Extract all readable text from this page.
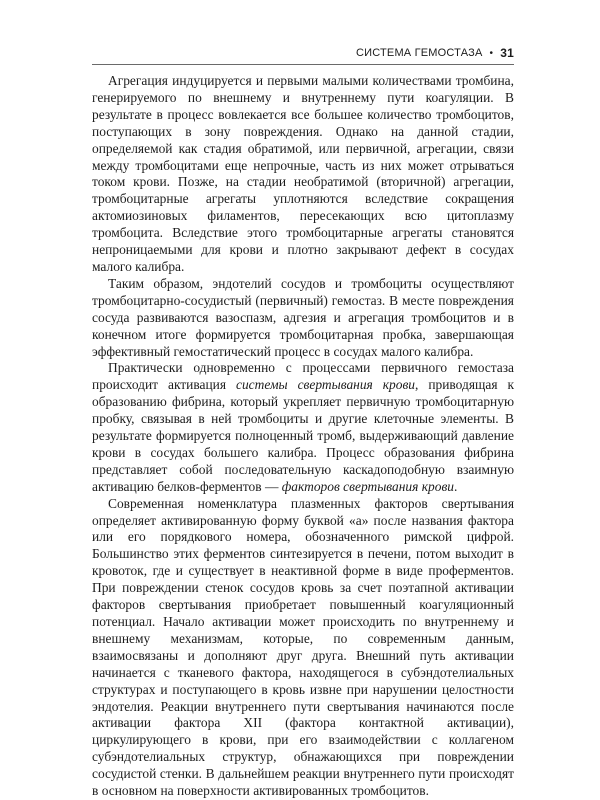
СИСТЕМА ГЕМОСТАЗА • 31

Агрегация индуцируется и первыми малыми количествами тромбина, генерируемого по внешнему и внутреннему пути коагуляции. В результате в процесс вовлекается все большее количество тромбоцитов, поступающих в зону повреждения. Однако на данной стадии, определяемой как стадия обратимой, или первичной, агрегации, связи между тромбоцитами еще непрочные, часть из них может отрываться током крови. Позже, на стадии необратимой (вторичной) агрегации, тромбоцитарные агрегаты уплотняются вследствие сокращения актомиозиновых филаментов, пересекающих всю цитоплазму тромбоцита. Вследствие этого тромбоцитарные агрегаты становятся непроницаемыми для крови и плотно закрывают дефект в сосудах малого калибра.

Таким образом, эндотелий сосудов и тромбоциты осуществляют тромбоцитарно-сосудистый (первичный) гемостаз. В месте повреждения сосуда развиваются вазоспазм, адгезия и агрегация тромбоцитов и в конечном итоге формируется тромбоцитарная пробка, завершающая эффективный гемостатический процесс в сосудах малого калибра.

Практически одновременно с процессами первичного гемостаза происходит активация системы свертывания крови, приводящая к образованию фибрина, который укрепляет первичную тромбоцитарную пробку, связывая в ней тромбоциты и другие клеточные элементы. В результате формируется полноценный тромб, выдерживающий давление крови в сосудах большего калибра. Процесс образования фибрина представляет собой последовательную каскадоподобную взаимную активацию белков-ферментов — факторов свертывания крови.

Современная номенклатура плазменных факторов свертывания определяет активированную форму буквой «а» после названия фактора или его порядкового номера, обозначенного римской цифрой. Большинство этих ферментов синтезируется в печени, потом выходит в кровоток, где и существует в неактивной форме в виде проферментов. При повреждении стенок сосудов кровь за счет поэтапной активации факторов свертывания приобретает повышенный коагуляционный потенциал. Начало активации может происходить по внутреннему и внешнему механизмам, которые, по современным данным, взаимосвязаны и дополняют друг друга. Внешний путь активации начинается с тканевого фактора, находящегося в субэндотелиальных структурах и поступающего в кровь извне при нарушении целостности эндотелия. Реакции внутреннего пути свертывания начинаются после активации фактора XII (фактора контактной активации), циркулирующего в крови, при его взаимодействии с коллагеном субэндотелиальных структур, обнажающихся при повреждении сосудистой стенки. В дальнейшем реакции внутреннего пути происходят в основном на поверхности активированных тромбоцитов.
